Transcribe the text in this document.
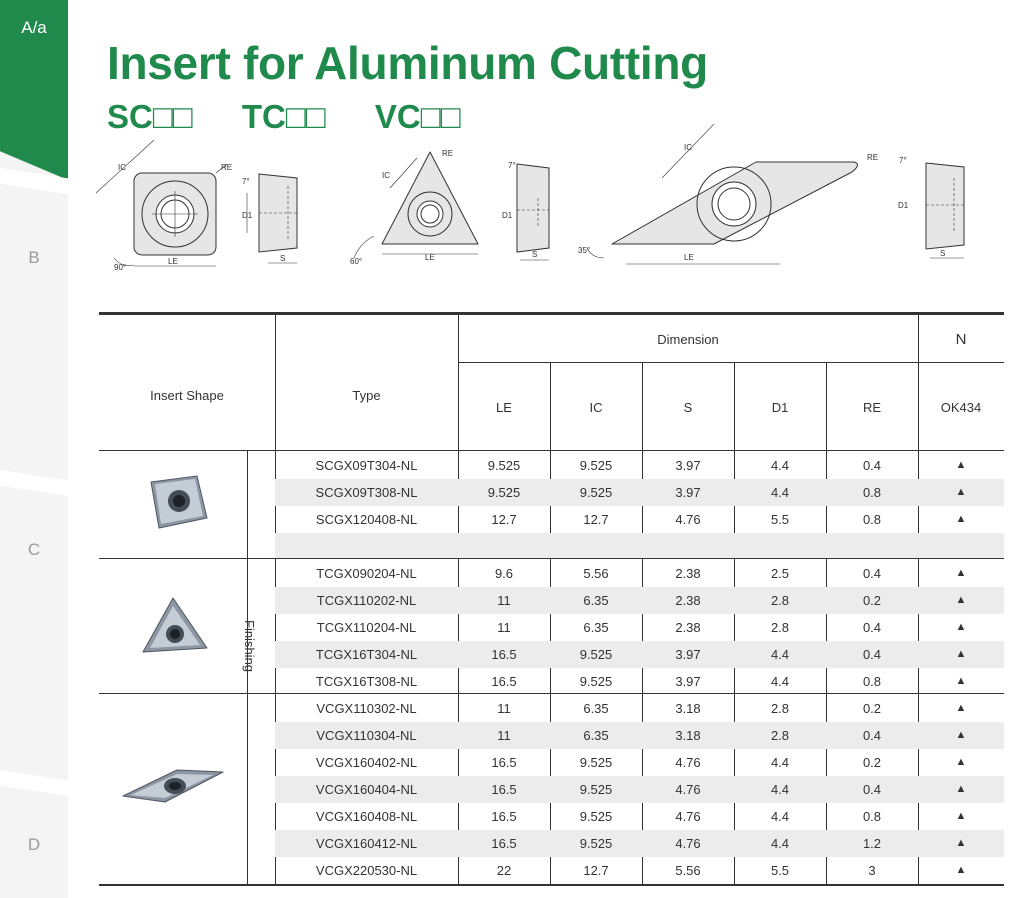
A/a
B
C
D
Insert for Aluminum Cutting
SC□□ TC□□ VC□□
IC	RE
90°
LE
7°
D1
S
IC
RE
60°	LE
7°
D1
S
IC
RE
35°
LE
7°
D1
S
Insert Shape	Type
Dimension	N
LE	IC	S	D1	RE	OK434
Finishing
SCGX09T304-NL	9.525	9.525	3.97	4.4	0.4	▲
SCGX09T308-NL	9.525	9.525	3.97	4.4	0.8	▲
SCGX120408-NL	12.7	12.7	4.76	5.5	0.8	▲
TCGX090204-NL	9.6	5.56	2.38	2.5	0.4	▲
TCGX110202-NL	11	6.35	2.38	2.8	0.2	▲
TCGX110204-NL	11	6.35	2.38	2.8	0.4	▲
TCGX16T304-NL	16.5	9.525	3.97	4.4	0.4	▲
TCGX16T308-NL	16.5	9.525	3.97	4.4	0.8	▲
VCGX110302-NL	11	6.35	3.18	2.8	0.2	▲
VCGX110304-NL	11	6.35	3.18	2.8	0.4	▲
VCGX160402-NL	16.5	9.525	4.76	4.4	0.2	▲
VCGX160404-NL	16.5	9.525	4.76	4.4	0.4	▲
VCGX160408-NL	16.5	9.525	4.76	4.4	0.8	▲
VCGX160412-NL	16.5	9.525	4.76	4.4	1.2	▲
VCGX220530-NL	22	12.7	5.56	5.5	3	▲
